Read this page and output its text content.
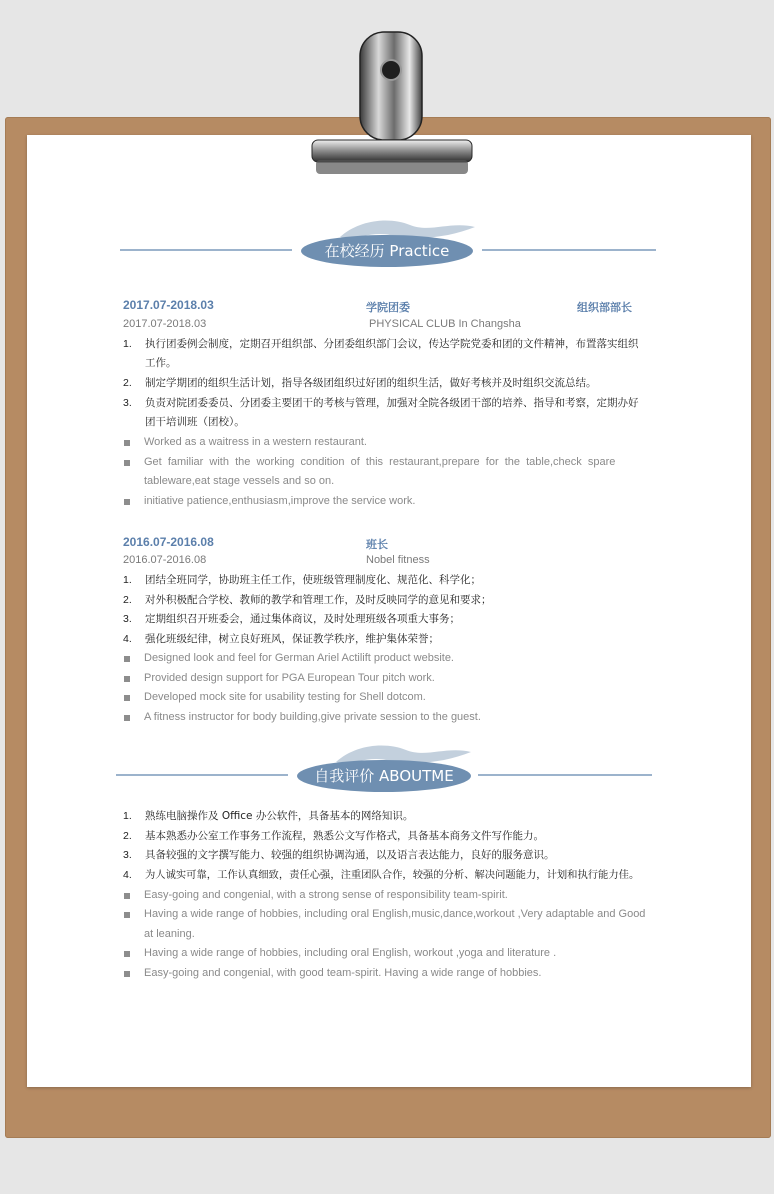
在校经历 Practice
2017.07-2018.03	学院团委	组织部部长
2017.07-2018.03	PHYSICAL CLUB In Changsha
1.	执行团委例会制度，定期召开组织部、分团委组织部门会议，传达学院党委和团的文件精神，布置落实组织
工作。
2.	制定学期团的组织生活计划，指导各级团组织过好团的组织生活，做好考核并及时组织交流总结。
3.	负责对院团委委员、分团委主要团干的考核与管理，加强对全院各级团干部的培养、指导和考察，定期办好
团干培训班（团校）。
Worked as a waitress in a western restaurant.
Get  familiar  with  the  working  condition  of  this  restaurant,prepare  for  the  table,check  spare
tableware,eat stage vessels and so on.
initiative patience,enthusiasm,improve the service work.
2016.07-2016.08	班长
2016.07-2016.08	Nobel fitness
1.	团结全班同学，协助班主任工作，使班级管理制度化、规范化、科学化；
2.	对外积极配合学校、教师的教学和管理工作，及时反映同学的意见和要求；
3.	定期组织召开班委会，通过集体商议，及时处理班级各项重大事务；
4.	强化班级纪律，树立良好班风，保证教学秩序，维护集体荣誉；
Designed look and feel for German Ariel Actilift product website.
Provided design support for PGA European Tour pitch work.
Developed mock site for usability testing for Shell dotcom.
A fitness instructor for body building,give private session to the guest.
自我评价 ABOUTME
1.	熟练电脑操作及 Office 办公软件，具备基本的网络知识。
2.	基本熟悉办公室工作事务工作流程，熟悉公文写作格式，具备基本商务文件写作能力。
3.	具备较强的文字撰写能力、较强的组织协调沟通，以及语言表达能力，良好的服务意识。
4.	为人诚实可靠，工作认真细致，责任心强，注重团队合作，较强的分析、解决问题能力，计划和执行能力佳。
Easy-going and congenial, with a strong sense of responsibility team-spirit.
Having a wide range of hobbies, including oral English,music,dance,workout ,Very adaptable and Good
at leaning.
Having a wide range of hobbies, including oral English, workout ,yoga and literature .
Easy-going and congenial, with good team-spirit. Having a wide range of hobbies.
